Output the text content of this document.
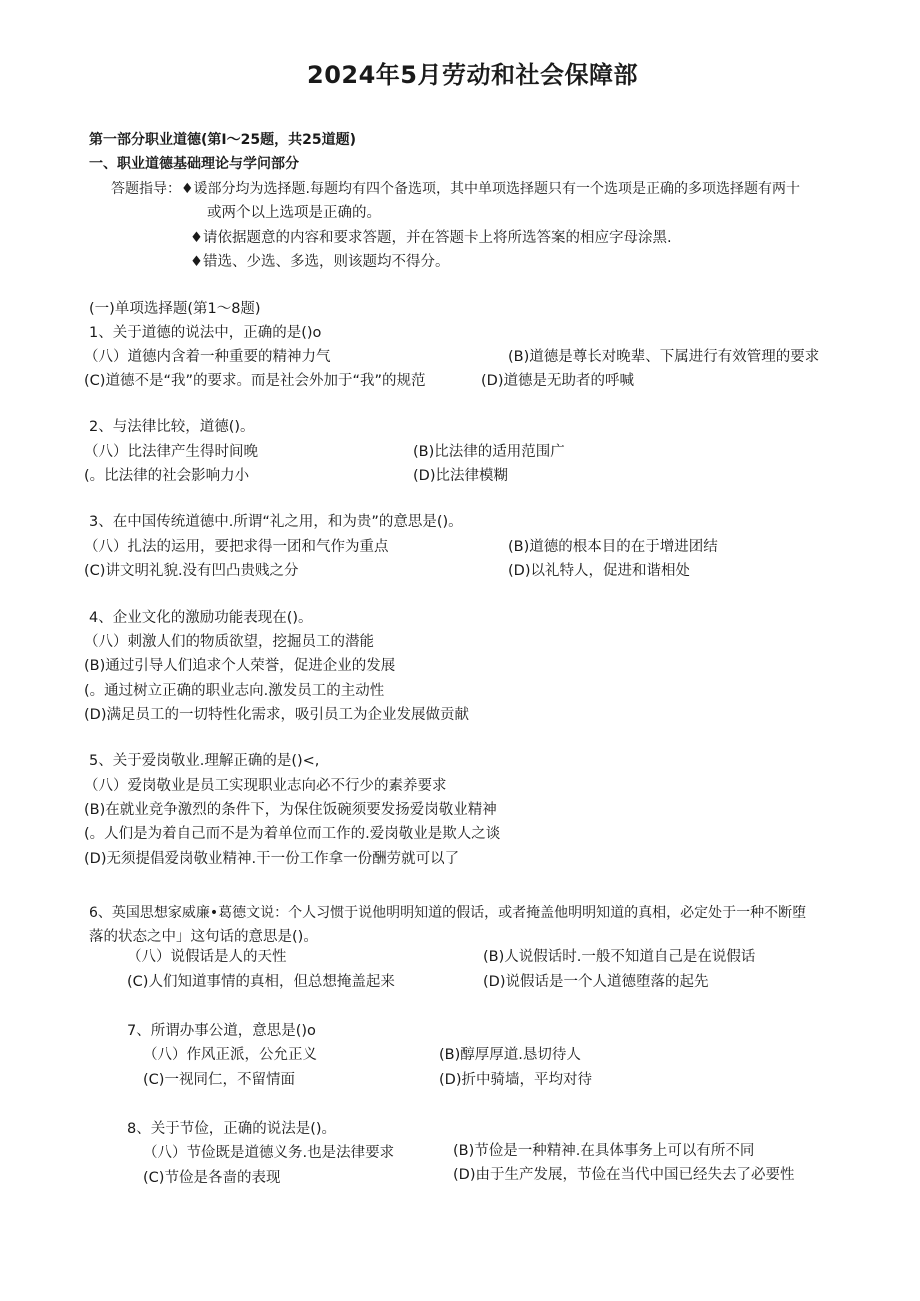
2024年5月劳动和社会保障部
第一部分职业道德(第I〜25题，共25道题)
一、职业道德基础理论与学问部分
答题指导：♦谖部分均为选择题.每题均有四个备选项，其中单项选择题只有一个选项是正确的多项选择题有两十
或两个以上选项是正确的。
♦请依据题意的内容和要求答题，并在答题卡上将所选答案的相应字母涂黑.
♦错选、少选、多选，则该题均不得分。
(一)单项选择题(第1〜8题)
1、关于道德的说法中，正确的是()o
（八）道德内含着一种重要的精神力气	(B)道德是尊长对晚辈、下属进行有效管理的要求
(C)道德不是“我”的要求。而是社会外加于“我”的规范	(D)道德是无助者的呼喊
2、与法律比较，道德()。
（八）比法律产生得时间晚	(B)比法律的适用范围广
(。比法律的社会影响力小	(D)比法律模糊
3、在中国传统道德中.所谓“礼之用，和为贵”的意思是()。
（八）扎法的运用，要把求得一团和气作为重点	(B)道德的根本目的在于增进团结
(C)讲文明礼貌.没有凹凸贵贱之分	(D)以礼特人，促进和谐相处
4、企业文化的激励功能表现在()。
（八）刺激人们的物质欲望，挖掘员工的潜能
(B)通过引导人们追求个人荣誉，促进企业的发展
(。通过树立正确的职业志向.激发员工的主动性
(D)满足员工的一切特性化需求，吸引员工为企业发展做贡献
5、关于爱岗敬业.理解正确的是()<,
（八）爱岗敬业是员工实现职业志向必不行少的素养要求
(B)在就业竞争激烈的条件下，为保住饭碗须要发扬爱岗敬业精神
(。人们是为着自己而不是为着单位而工作的.爱岗敬业是欺人之谈
(D)无须提倡爱岗敬业精神.干一份工作拿一份酬劳就可以了
6、英国思想家威廉•葛德文说：个人习惯于说他明明知道的假话，或者掩盖他明明知道的真相，必定处于一种不断堕
落的状态之中」这句话的意思是()。
（八）说假话是人的天性	(B)人说假话时.一般不知道自己是在说假话
(C)人们知道事情的真相，但总想掩盖起来	(D)说假话是一个人道德堕落的起先
7、所谓办事公道，意思是()o
（八）作风正派，公允正义	(B)醇厚厚道.恳切待人
(C)一视同仁，不留情面	(D)折中骑墙，平均对待
8、关于节俭，正确的说法是()。
（八）节俭既是道德义务.也是法律要求	(B)节俭是一种精神.在具体事务上可以有所不同
(C)节俭是各啬的表现	(D)由于生产发展，节俭在当代中国已经失去了必要性
